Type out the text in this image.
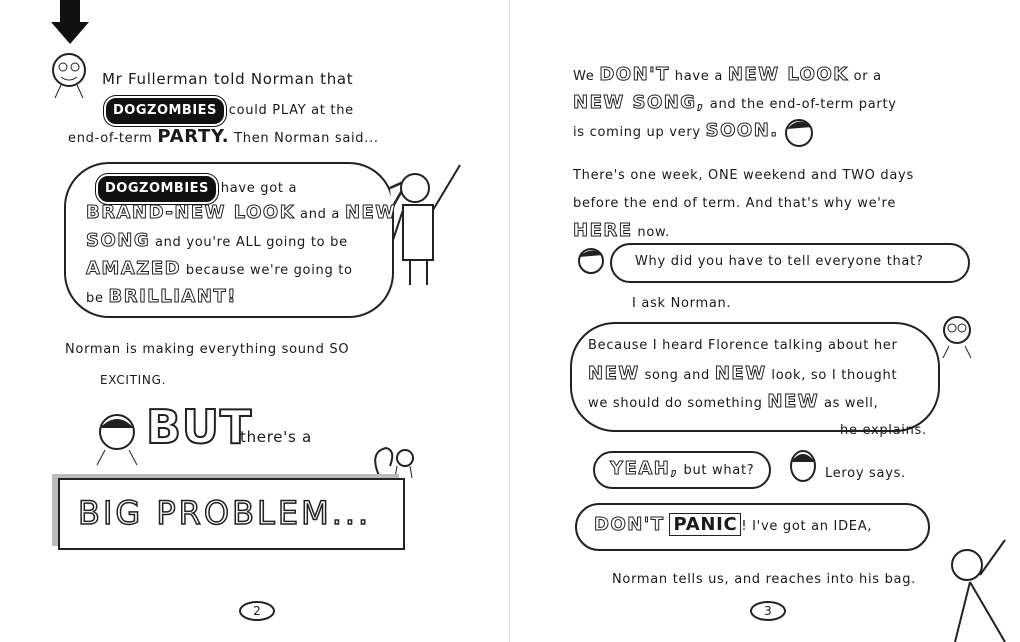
Mr Fullerman told Norman that
DOGZOMBIES could PLAY at the
end-of-term PARTY. Then Norman said...
DOGZOMBIES have got a
BRAND-NEW LOOK and a NEW
SONG and you're ALL going to be
AMAZED because we're going to
be BRILLIANT!
Norman is making everything sound SO
EXCITING.
BUT
there's a
BIG PROBLEM...
2
We DON'T have a NEW LOOK or a
NEW SONG, and the end-of-term party
is coming up very SOON.
There's one week, ONE weekend and TWO days
before the end of term. And that's why we're
HERE now.
Why did you have to tell everyone that?
I ask Norman.
Because I heard Florence talking about her
NEW song and NEW look, so I thought
we should do something NEW as well,
he explains.
YEAH, but what?	Leroy says.
DON'T PANIC ! I've got an IDEA,
Norman tells us, and reaches into his bag.
3
